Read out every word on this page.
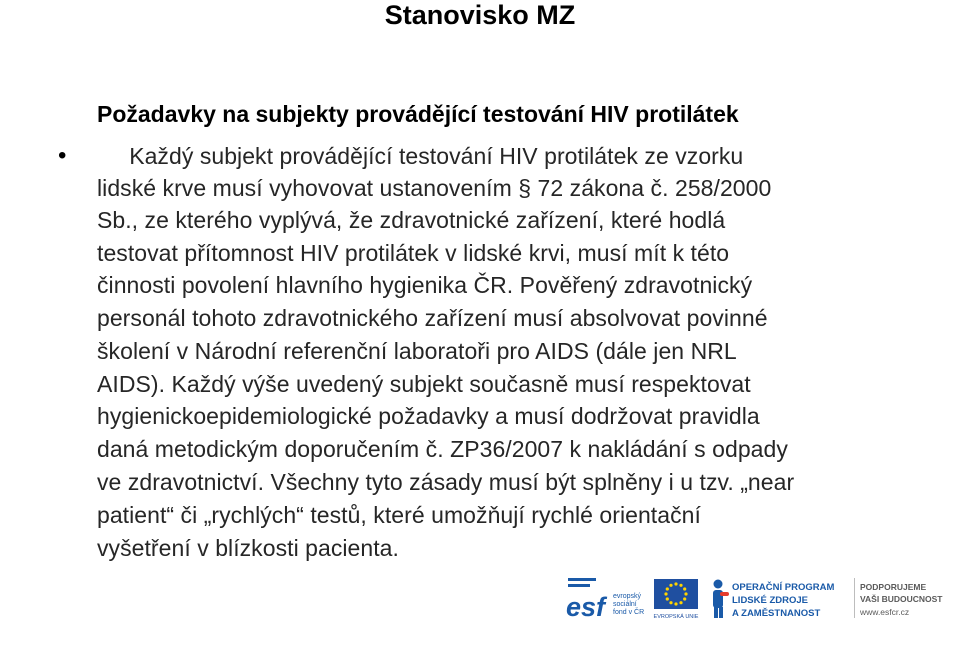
Stanovisko MZ
Požadavky na subjekty provádějící testování HIV protilátek
• Každý subjekt provádějící testování HIV protilátek ze vzorku
lidské krve musí vyhovovat ustanovením § 72 zákona č. 258/2000
Sb., ze kterého vyplývá, že zdravotnické zařízení, které hodlá
testovat přítomnost HIV protilátek v lidské krvi, musí mít k této
činnosti povolení hlavního hygienika ČR. Pověřený zdravotnický
personál tohoto zdravotnického zařízení musí absolvovat povinné
školení v Národní referenční laboratoři pro AIDS (dále jen NRL
AIDS). Každý výše uvedený subjekt současně musí respektovat
hygienickoepidemiologické požadavky a musí dodržovat pravidla
daná metodickým doporučením č. ZP36/2007 k nakládání s odpady
ve zdravotnictví. Všechny tyto zásady musí být splněny i u tzv. „near
patient“ či „rychlých“ testů, které umožňují rychlé orientační
vyšetření v blízkosti pacienta.
esf	evropský
sociální
fond v ČR
EVROPSKÁ UNIE
OPERAČNÍ PROGRAM
LIDSKÉ ZDROJE
A ZAMĚSTNANOST
PODPORUJEME
VAŠI BUDOUCNOST
www.esfcr.cz
